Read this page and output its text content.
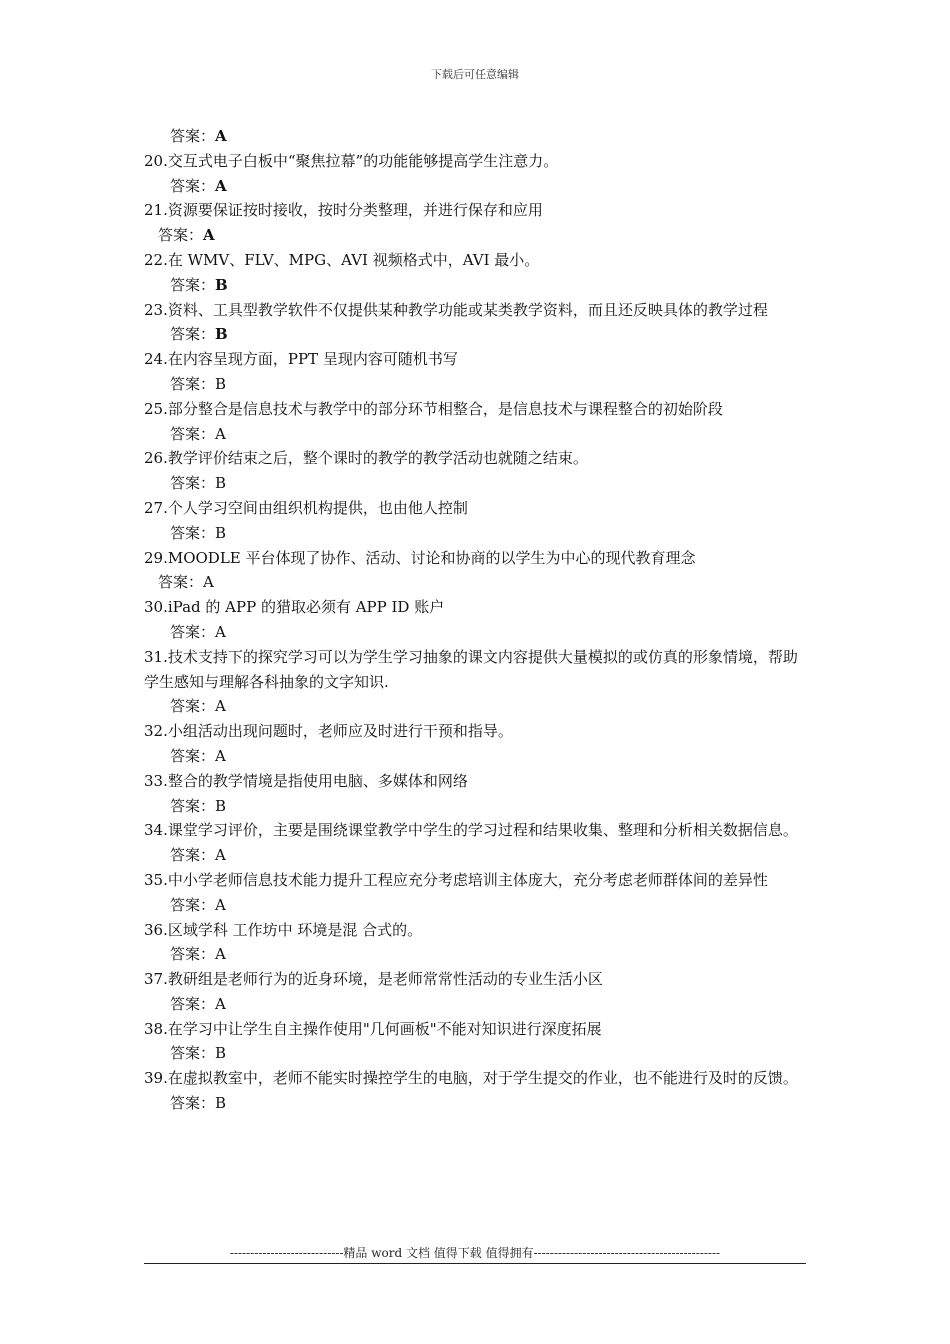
下载后可任意编辑
答案：A
20.交互式电子白板中“聚焦拉幕”的功能能够提高学生注意力。
答案：A
21.资源要保证按时接收，按时分类整理，并进行保存和应用
答案：A
22.在 WMV、FLV、MPG、AVI 视频格式中，AVI 最小。
答案：B
23.资料、工具型教学软件不仅提供某种教学功能或某类教学资料，而且还反映具体的教学过程
答案：B
24.在内容呈现方面，PPT 呈现内容可随机书写
答案：B
25.部分整合是信息技术与教学中的部分环节相整合，是信息技术与课程整合的初始阶段
答案：A
26.教学评价结束之后，整个课时的教学的教学活动也就随之结束。
答案：B
27.个人学习空间由组织机构提供，也由他人控制
答案：B
29.MOODLE 平台体现了协作、活动、讨论和协商的以学生为中心的现代教育理念
答案：A
30.iPad 的 APP 的猎取必须有 APP ID 账户
答案：A
31.技术支持下的探究学习可以为学生学习抽象的课文内容提供大量模拟的或仿真的形象情境，帮助学生感知与理解各科抽象的文字知识.
答案：A
32.小组活动出现问题时，老师应及时进行干预和指导。
答案：A
33.整合的教学情境是指使用电脑、多媒体和网络
答案：B
34.课堂学习评价，主要是围绕课堂教学中学生的学习过程和结果收集、整理和分析相关数据信息。
答案：A
35.中小学老师信息技术能力提升工程应充分考虑培训主体庞大，充分考虑老师群体间的差异性
答案：A
36.区域学科 工作坊中 环境是混 合式的。
答案：A
37.教研组是老师行为的近身环境，是老师常常性活动的专业生活小区
答案：A
38.在学习中让学生自主操作使用"几何画板"不能对知识进行深度拓展
答案：B
39.在虚拟教室中，老师不能实时操控学生的电脑，对于学生提交的作业，也不能进行及时的反馈。
答案：B
----------------------------精品 word 文档 值得下载 值得拥有----------------------------------------------
